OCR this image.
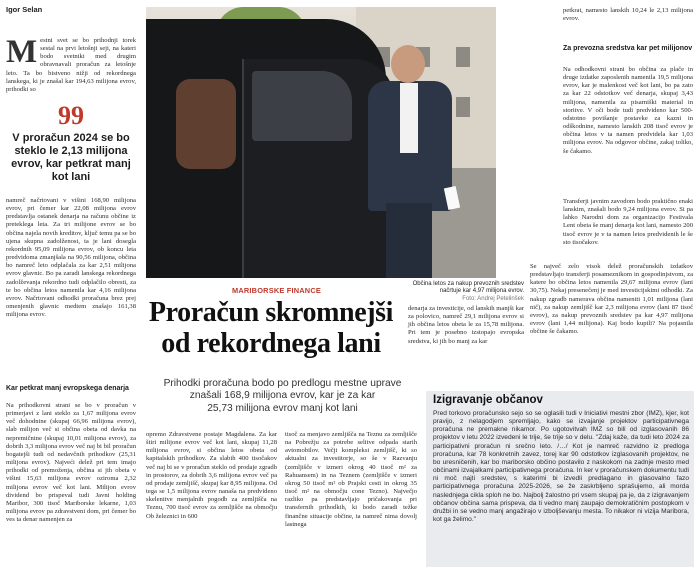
Igor Selan
Mestni svet se bo prihodnji torek sestal na prvi letošnji seji, na kateri bodo svetniki med drugim obravnavali proračun za letošnje leto. Ta bo bistveno nižji od rekordnega lanskega, ki je znašal kar 194,63 milijona evrov, prihodki so
99
V proračun 2024 se bo steklo le 2,13 milijona evrov, kar petkrat manj kot lani
namreč načrtovani v višini 168,90 milijona evrov, pri čemer kar 22,08 milijona evrov predstavlja ostanek denarja na računu občine iz preteklega leta. Za tri milijone evrov se bo občina najela novih kreditov, ključ temu pa se bo ujena skupna zadolženost, ta je lani dosegla rekordnih 95,09 milijona evrov, ob koncu leta predvidoma zmanjšala na 90,56 milijona, občina bo namreč leto odplačala za kar 2,51 milijona evrov glavnic. Bo pa zaradi lanskega rekordnega zadolževanja rekordno tudi odplačilo obresti, za te bo občina letos namenila kar 4,16 milijona evrov. Načrtovani odhodki proračuna brez prej omenjenih glavnic medtem znašajo 161,38 milijona evrov.
Kar petkrat manj evropskega denarja
Na prihodkovni strani se bo v proračun v primerjavi z lani steklo za 1,67 milijona evrov več dohodnine (skupaj 66,96 milijona evrov), slab milijon več si občina obeta od davka na nepremičnine (skupaj 10,01 milijona evrov), za dobrih 3,3 milijona evrov več naj bi bil proračun bogatejši tudi od nedavčnih prihodkov (25,31 milijona evrov). Najveći delež pri tem imajo prihodki od premoženja, občina si jih obeta v višini 15,63 milijona evrov oziroma 2,32 milijona evrov več kot lani. Milijon evrov dividend bo prispeval tudi Javni holding Maribor, 300 tisoč Mariborske lekarne, 1,03 milijona evrov pa zdravstveni dom, pri čemer bo ves ta denar namenjen za
Občina letos za nakup prevoznih sredstev načrtuje kar 4,97 milijona evrov.
Foto: Andrej Petelinšek
MARIBORSKE FINANCE
Proračun skromnejši
od rekordnega lani
denarja za investicije, od lanskih manjši kar za polovico, namreč 29,1 milijona evrov si jih občina letos obeta le za 15,78 milijona. Pri tem je posebno izstopajo evropska sredstva, ki jih bo manj za kar
Prihodki proračuna bodo po predlogu mestne uprave
znašali 168,9 milijona evrov, kar je za kar
25,73 milijona evrov manj kot lani
opremo Zdravstvene postaje Magdalena. Za kar štiri milijone evrov več kot lani, skupaj 11,28 milijona evrov, si občina letos obeta od kapitalskih prihodkov. Za slabih 400 tisočakov več naj bi se v proračun steklo od prodaje zgradb in prostorov, za dobrih 3,6 milijona evrov več pa od prodaje zemljišč, skupaj kar 8,95 milijona. Od tega se 1,5 milijona evrov nanaša na predvideno skelenitve menjalnih pogodb za zemljišča na Teznu, 700 tisoč evrov za zemljišče na območju Ob železnici in 600
tisoč za menjavo zemljišča na Teznu za zemljišče na Pobrežju za potrebe selitve odpada starih avtomobilov. Večji kompleksi zemljišč, ki so aktualni za investitorje, so še v Razvanju (zemljišče v izmeri okrog 40 tisoč m² za Rahuansem) in na Teznem (zemljišče v izmeri okrog 50 tisoč m² ob Prajski cesti in okrog 35 tisoč m² na območju cone Tezno). Največjo razliko pa predstavljajo pričakovanja pri transfernih prihodkih, ki bodo zaradi težke finančne situacije občine, ta namreč nima dovolj lastnega
petkrat, namesto lanskih 10,24 le 2,13 milijona evrov.
Za prevozna sredstva kar pet milijonov
Na odhodkovni strani bo občina za plače in druge izdatke zaposlenih namenila 19,5 milijona evrov, kar je malenkost več kot lani, bo pa zato za kar 22 odstotkov več denarja, skupaj 3,43 milijona, namenila za pisarniški material in storitve. V oči bode tudi predvideno kar 500-odstotno povišanje postavke za kazni in odškodnine, namesto lanskih 208 tisoč evrov je občina letos v ta namen predvidela kar 1,03 milijona evrov. Na odgovor občine, zakaj toliko, še čakamo.
Transferji javnim zavodom bodo praktično enaki lanskim, znašali bodo 9,24 milijona evrov. Si pa lahko Narodni dom za organizacijo Festivala Lent obeta še manj denarja kot lani, namesto 200 tisoč evrov je v ta namen letos predvidenih le še sto tisočakov.
Se največ zelo visok delež proračunskih izdatkov predstavljajo transferji posameznikom in gospodinjstvom, za katere bo občina letos namenila 29,67 milijona evrov (lani 30,75). Nekaj presenečenj je med investicijskimi odhodki. Za nakup zgradb namerava občina nameniti 1,01 milijona (lani nič), za nakup zemljišč kar 2,3 milijona evrov (lani 87 tisoč evrov), za nakup prevoznih sredstev pa kar 4,97 milijona evrov (lani 1,44 milijona). Kaj bodo kupili? Na pojasnila občine še čakamo.
Izigravanje občanov
Pred torkovo proračunsko sejo so se oglasili tudi v Iniciativi mestni zbor (IMZ), kjer, kot pravijo, z nelagodjem spremljajo, kako se izvajanje projektov participativnega proračuna ne premakne nikamor. Po ugotovitvah IMZ so bili od izglasovanih 86 projektov v letu 2022 izvedeni le trije, še trije so v delu. "Zdaj kaže, da tudi leto 2024 za participativni proračun ni srečno leto. /…/ Kot je namreč razvidno iz predloga proračuna, kar 78 konkretnih zavez, torej kar 90 odstotkov izglasovanih projektov, ne bo uresničenih, kar bo mariborsko občino postavilo z naskokom na zadnje mesto med občinami izvajalkami participativnega proračuna. In ker v proračunskem dokumentu tudi ni moč najti sredstev, s katerimi bi izvedli predlagano in glasovalno fazo participativnega proračuna 2025-2026, se že zaskrbljeno sprašujemo, ali morda naslednjega cikla sploh ne bo. Najbolj žalostno pri vsem skupaj pa je, da z izigravanjem občanov občina sama prispeva, da ti vedno manj zaupajo demokratičnim postopkom v družbi in se vedno manj angažirajo v izboljševanju mesta. To nikakor ni vizija Maribora, kot ga želimo."
